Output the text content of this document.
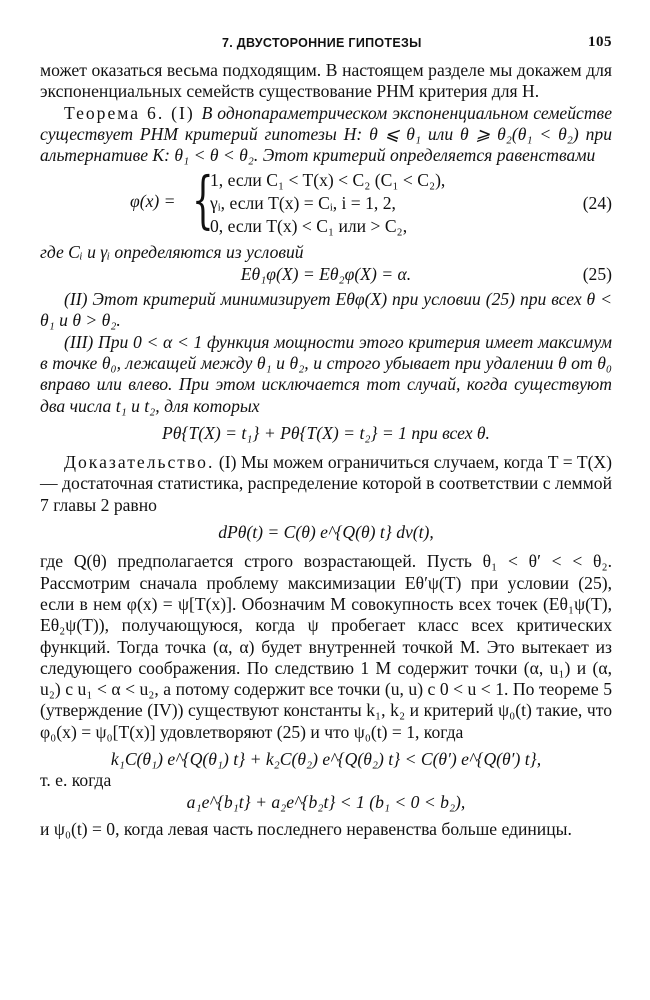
7. ДВУСТОРОННИЕ ГИПОТЕЗЫ	105

может оказаться весьма подходящим. В настоящем разделе мы докажем для экспоненциальных семейств существование РНМ критерия для H.

Теорема 6. (I) В однопараметрическом экспоненциальном семействе существует РНМ критерий гипотезы H: θ ⩽ θ₁ или θ ⩾ θ₂(θ₁ < θ₂) при альтернативе K: θ₁ < θ < θ₂. Этот критерий определяется равенствами

φ(x) = {
1, если C₁ < T(x) < C₂ (C₁ < C₂),
γᵢ, если T(x) = Cᵢ, i = 1, 2,
0, если T(x) < C₁ или > C₂,
(24)

где Cᵢ и γᵢ определяются из условий

Eθ₁φ(X) = Eθ₂φ(X) = α.	(25)

(II) Этот критерий минимизирует Eθφ(X) при условии (25) при всех θ < θ₁ и θ > θ₂.

(III) При 0 < α < 1 функция мощности этого критерия имеет максимум в точке θ₀, лежащей между θ₁ и θ₂, и строго убывает при удалении θ от θ₀ вправо или влево. При этом исключается тот случай, когда существуют два числа t₁ и t₂, для которых

Pθ{T(X) = t₁} + Pθ{T(X) = t₂} = 1 при всех θ.

Доказательство. (I) Мы можем ограничиться случаем, когда T = T(X) — достаточная статистика, распределение которой в соответствии с леммой 7 главы 2 равно

dPθ(t) = C(θ) e^{Q(θ) t} dν(t),

где Q(θ) предполагается строго возрастающей. Пусть θ₁ < θ′ < < θ₂. Рассмотрим сначала проблему максимизации Eθ′ψ(T) при условии (25), если в нем φ(x) = ψ[T(x)]. Обозначим M совокупность всех точек (Eθ₁ψ(T), Eθ₂ψ(T)), получающуюся, когда ψ пробегает класс всех критических функций. Тогда точка (α, α) будет внутренней точкой M. Это вытекает из следующего соображения. По следствию 1 M содержит точки (α, u₁) и (α, u₂) с u₁ < α < u₂, а потому содержит все точки (u, u) с 0 < u < 1. По теореме 5 (утверждение (IV)) существуют константы k₁, k₂ и критерий ψ₀(t) такие, что φ₀(x) = ψ₀[T(x)] удовлетворяют (25) и что ψ₀(t) = 1, когда

k₁C(θ₁) e^{Q(θ₁) t} + k₂C(θ₂) e^{Q(θ₂) t} < C(θ′) e^{Q(θ′) t},

т. е. когда

a₁e^{b₁t} + a₂e^{b₂t} < 1 (b₁ < 0 < b₂),

и ψ₀(t) = 0, когда левая часть последнего неравенства больше единицы.
